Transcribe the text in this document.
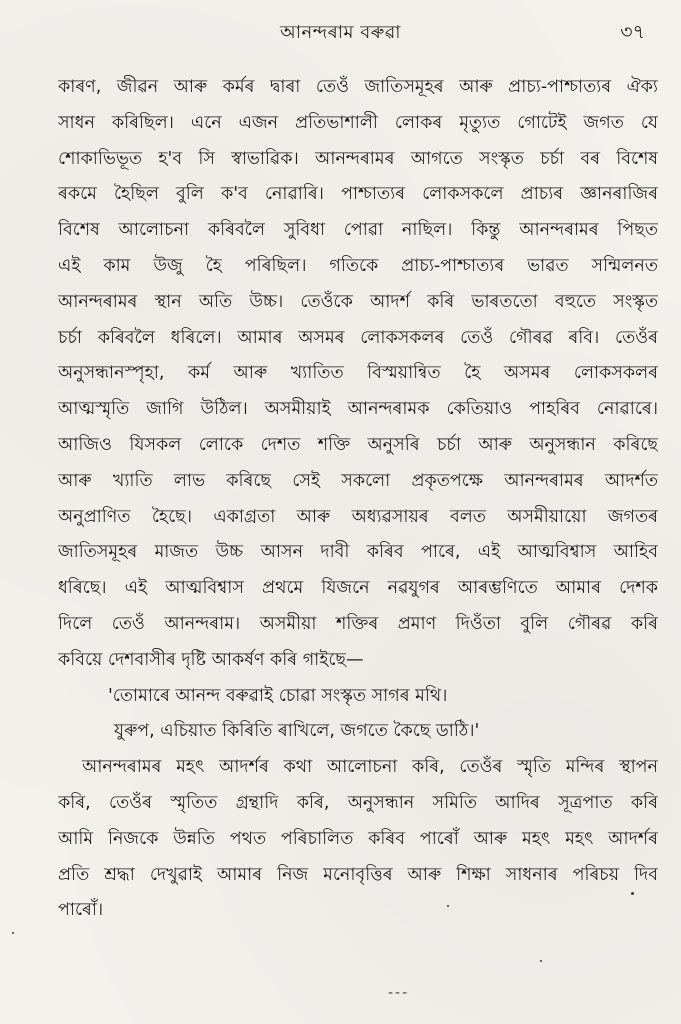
আনন্দৰাম বৰুৱা	৩৭
কাৰণ, জীৱন আৰু কৰ্মৰ দ্বাৰা তেওঁ জাতিসমূহৰ আৰু প্ৰাচ্য-পাশ্চাত্যৰ ঐক্য
সাধন কৰিছিল। এনে এজন প্ৰতিভাশালী লোকৰ মৃত্যুত গোটেই জগত যে
শোকাভিভূত হ'ব সি স্বাভাৱিক। আনন্দৰামৰ আগতে সংস্কৃত চৰ্চা বৰ বিশেষ
ৰকমে হৈছিল বুলি ক'ব নোৱাৰি। পাশ্চাত্যৰ লোকসকলে প্ৰাচ্যৰ জ্ঞানৰাজিৰ
বিশেষ আলোচনা কৰিবলৈ সুবিধা পোৱা নাছিল। কিন্তু আনন্দৰামৰ পিছত
এই কাম উজু হৈ পৰিছিল। গতিকে প্ৰাচ্য-পাশ্চাত্যৰ ভাৱত সন্মিলনত
আনন্দৰামৰ স্থান অতি উচ্চ। তেওঁকে আদৰ্শ কৰি ভাৰততো বহুতে সংস্কৃত
চৰ্চা কৰিবলৈ ধৰিলে। আমাৰ অসমৰ লোকসকলৰ তেওঁ গৌৰৱ ৰবি। তেওঁৰ
অনুসন্ধানস্পৃহা, কৰ্ম আৰু খ্যাতিত বিস্ময়ান্বিত হৈ অসমৰ লোকসকলৰ
আত্মস্মৃতি জাগি উঠিল। অসমীয়াই আনন্দৰামক কেতিয়াও পাহৰিব নোৱাৰে।
আজিও যিসকল লোকে দেশত শক্তি অনুসৰি চৰ্চা আৰু অনুসন্ধান কৰিছে
আৰু খ্যাতি লাভ কৰিছে সেই সকলো প্ৰকৃতপক্ষে আনন্দৰামৰ আদৰ্শত
অনুপ্ৰাণিত হৈছে। একাগ্ৰতা আৰু অধ্যৱসায়ৰ বলত অসমীয়ায়ো জগতৰ
জাতিসমূহৰ মাজত উচ্চ আসন দাবী কৰিব পাৰে, এই আত্মবিশ্বাস আহিব
ধৰিছে। এই আত্মবিশ্বাস প্ৰথমে যিজনে নৱযুগৰ আৰম্ভণিতে আমাৰ দেশক
দিলে তেওঁ আনন্দৰাম। অসমীয়া শক্তিৰ প্ৰমাণ দিওঁতা বুলি গৌৰৱ কৰি
কবিয়ে দেশবাসীৰ দৃষ্টি আকৰ্ষণ কৰি গাইছে—
'তোমাৰে আনন্দ বৰুৱাই চোৱা সংস্কৃত সাগৰ মথি।
যুৰুপ, এচিয়াত কিৰিতি ৰাখিলে, জগতে কৈছে ডাঠি।'
আনন্দৰামৰ মহৎ আদৰ্শৰ কথা আলোচনা কৰি, তেওঁৰ স্মৃতি মন্দিৰ স্থাপন
কৰি, তেওঁৰ স্মৃতিত গ্ৰন্থাদি কৰি, অনুসন্ধান সমিতি আদিৰ সূত্ৰপাত কৰি
আমি নিজকে উন্নতি পথত পৰিচালিত কৰিব পাৰোঁ আৰু মহৎ মহৎ আদৰ্শৰ
প্ৰতি শ্ৰদ্ধা দেখুৱাই আমাৰ নিজ মনোবৃত্তিৰ আৰু শিক্ষা সাধনাৰ পৰিচয় দিব
পাৰোঁ।
---
